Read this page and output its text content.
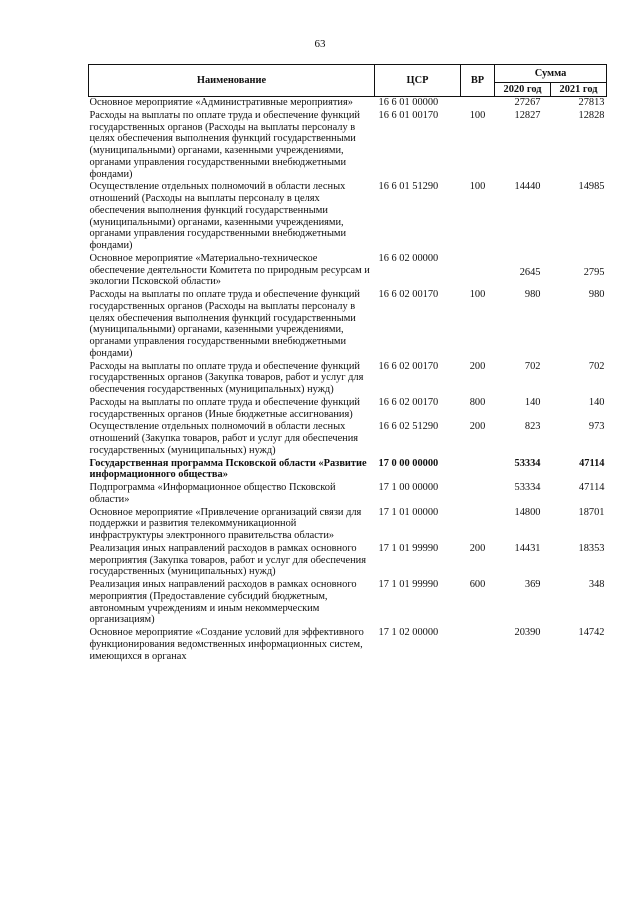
63
Наименование	ЦСР	ВР	Сумма	
			2020 год	2021 год
Основное мероприятие «Административные мероприятия»	16 6 01 00000		27267	27813
Расходы на выплаты по оплате труда и обеспечение функций государственных органов (Расходы на выплаты персоналу в целях обеспечения выполнения функций государственными (муниципальными) органами, казенными учреждениями, органами управления государственными внебюджетными фондами)	16 6 01 00170	100	12827	12828
Осуществление отдельных полномочий в области лесных отношений (Расходы на выплаты персоналу в целях обеспечения выполнения функций государственными (муниципальными) органами, казенными учреждениями, органами управления государственными внебюджетными фондами)	16 6 01 51290	100	14440	14985
Основное мероприятие «Материально-техническое обеспечение деятельности Комитета по природным ресурсам и экологии Псковской области»	16 6 02 00000		2645	2795
Расходы на выплаты по оплате труда и обеспечение функций государственных органов (Расходы на выплаты персоналу в целях обеспечения выполнения функций государственными (муниципальными) органами, казенными учреждениями, органами управления государственными внебюджетными фондами)	16 6 02 00170	100	980	980
Расходы на выплаты по оплате труда и обеспечение функций государственных органов (Закупка товаров, работ и услуг для обеспечения государственных (муниципальных) нужд)	16 6 02 00170	200	702	702
Расходы на выплаты по оплате труда и обеспечение функций государственных органов (Иные бюджетные ассигнования)	16 6 02 00170	800	140	140
Осуществление отдельных полномочий в области лесных отношений (Закупка товаров, работ и услуг для обеспечения государственных (муниципальных) нужд)	16 6 02 51290	200	823	973
Государственная программа Псковской области «Развитие информационного общества»	17 0 00 00000		53334	47114
Подпрограмма «Информационное общество Псковской области»	17 1 00 00000		53334	47114
Основное мероприятие «Привлечение организаций связи для поддержки и развития телекоммуникационной инфраструктуры электронного правительства области»	17 1 01 00000		14800	18701
Реализация иных направлений расходов в рамках основного мероприятия (Закупка товаров, работ и услуг для обеспечения государственных (муниципальных) нужд)	17 1 01 99990	200	14431	18353
Реализация иных направлений расходов в рамках основного мероприятия (Предоставление субсидий бюджетным, автономным учреждениям и иным некоммерческим организациям)	17 1 01 99990	600	369	348
Основное мероприятие «Создание условий для эффективного функционирования ведомственных информационных систем, имеющихся в органах	17 1 02 00000		20390	14742
